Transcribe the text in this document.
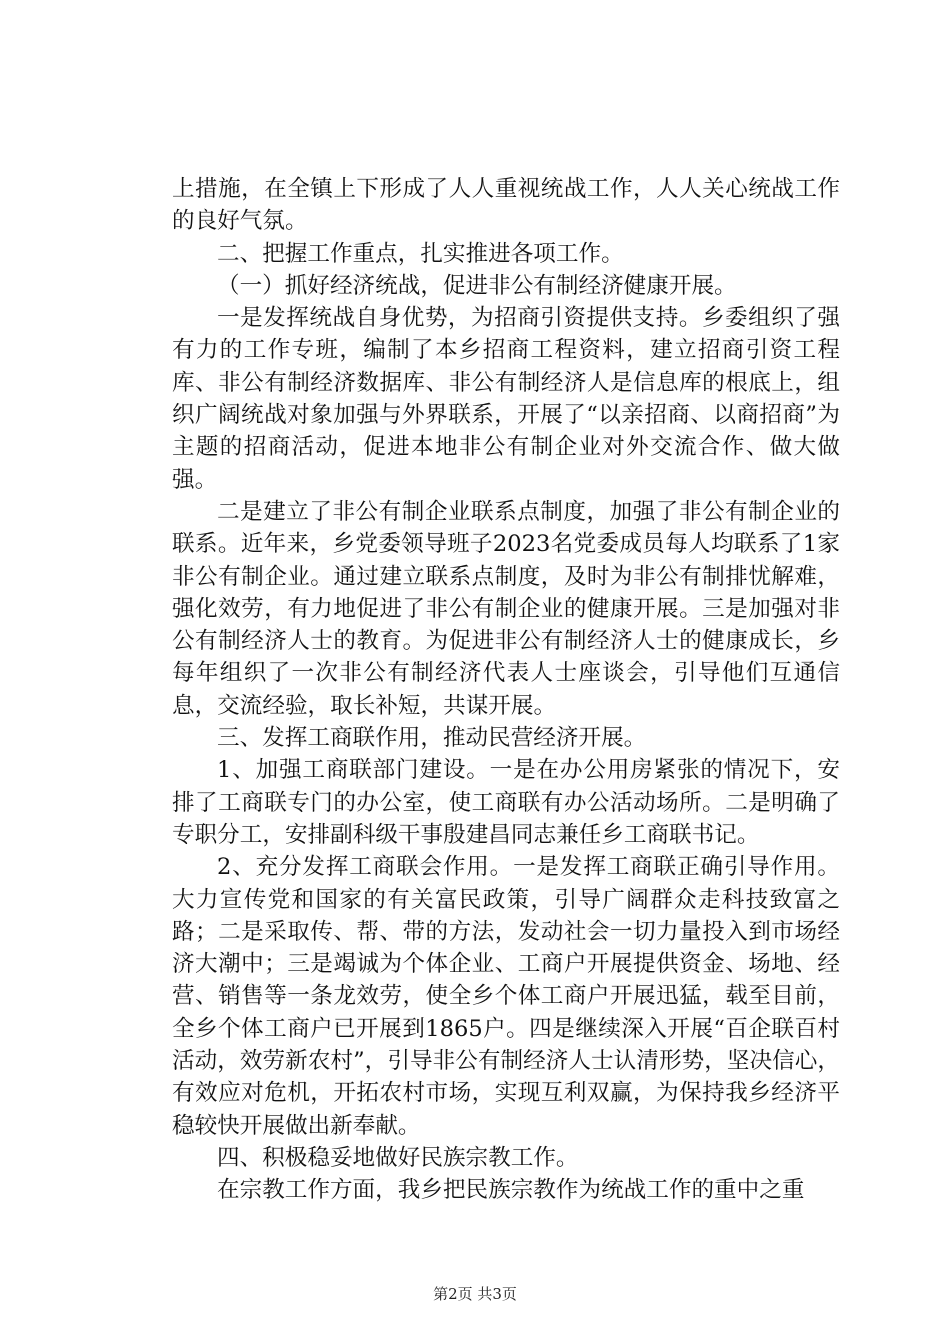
上措施，在全镇上下形成了人人重视统战工作，人人关心统战工作的良好气氛。

二、把握工作重点，扎实推进各项工作。

（一）抓好经济统战，促进非公有制经济健康开展。

一是发挥统战自身优势，为招商引资提供支持。乡委组织了强有力的工作专班，编制了本乡招商工程资料，建立招商引资工程库、非公有制经济数据库、非公有制经济人是信息库的根底上，组织广阔统战对象加强与外界联系，开展了“以亲招商、以商招商”为主题的招商活动，促进本地非公有制企业对外交流合作、做大做强。

二是建立了非公有制企业联系点制度，加强了非公有制企业的联系。近年来，乡党委领导班子2023名党委成员每人均联系了1家非公有制企业。通过建立联系点制度，及时为非公有制排忧解难，强化效劳，有力地促进了非公有制企业的健康开展。三是加强对非公有制经济人士的教育。为促进非公有制经济人士的健康成长，乡每年组织了一次非公有制经济代表人士座谈会，引导他们互通信息，交流经验，取长补短，共谋开展。

三、发挥工商联作用，推动民营经济开展。

1、加强工商联部门建设。一是在办公用房紧张的情况下，安排了工商联专门的办公室，使工商联有办公活动场所。二是明确了专职分工，安排副科级干事殷建昌同志兼任乡工商联书记。

2、充分发挥工商联会作用。一是发挥工商联正确引导作用。大力宣传党和国家的有关富民政策，引导广阔群众走科技致富之路；二是采取传、帮、带的方法，发动社会一切力量投入到市场经济大潮中；三是竭诚为个体企业、工商户开展提供资金、场地、经营、销售等一条龙效劳，使全乡个体工商户开展迅猛，载至目前，全乡个体工商户已开展到1865户。四是继续深入开展“百企联百村活动，效劳新农村”，引导非公有制经济人士认清形势，坚决信心，有效应对危机，开拓农村市场，实现互利双赢，为保持我乡经济平稳较快开展做出新奉献。

四、积极稳妥地做好民族宗教工作。

在宗教工作方面，我乡把民族宗教作为统战工作的重中之重

第2页 共3页
